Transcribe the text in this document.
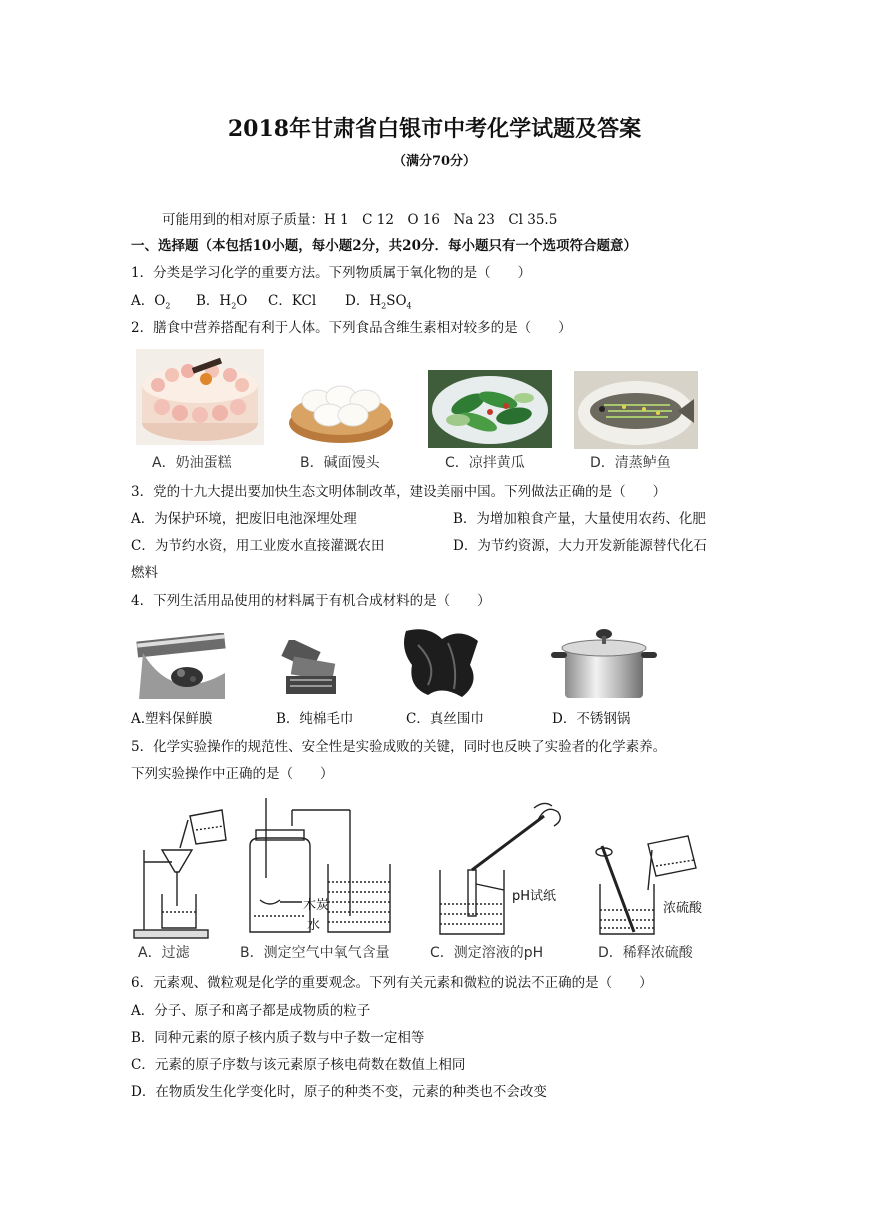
2018年甘肃省白银市中考化学试题及答案
（满分70分）
可能用到的相对原子质量：H 1　C 12　O 16　Na 23　Cl 35.5
一、选择题（本包括10小题，每小题2分，共20分．每小题只有一个选项符合题意）
1．分类是学习化学的重要方法。下列物质属于氧化物的是（　　）
A．$O_2$ B．$H_2O$ C．KCl D．$H_2SO_4$
2．膳食中营养搭配有利于人体。下列食品含维生素相对较多的是（　　）
A．奶油蛋糕	B．碱面馒头	C．凉拌黄瓜	D．清蒸鲈鱼
3．党的十九大提出要加快生态文明体制改革，建设美丽中国。下列做法正确的是（　　）
A．为保护环境，把废旧电池深埋处理	B．为增加粮食产量，大量使用农药、化肥
C．为节约水资，用工业废水直接灌溉农田	D．为节约资源，大力开发新能源替代化石
燃料
4．下列生活用品使用的材料属于有机合成材料的是（　　）
A.塑料保鲜膜	B．纯棉毛巾	C．真丝围巾	D．不锈钢锅
5．化学实验操作的规范性、安全性是实验成败的关键，同时也反映了实验者的化学素养。
下列实验操作中正确的是（　　）
木炭
水
pH试纸
浓硫酸
A．过滤	B．测定空气中氧气含量	C．测定溶液的pH	D．稀释浓硫酸
6．元素观、微粒观是化学的重要观念。下列有关元素和微粒的说法不正确的是（　　）
A．分子、原子和离子都是成物质的粒子
B．同种元素的原子核内质子数与中子数一定相等
C．元素的原子序数与该元素原子核电荷数在数值上相同
D．在物质发生化学变化时，原子的种类不变，元素的种类也不会改变
